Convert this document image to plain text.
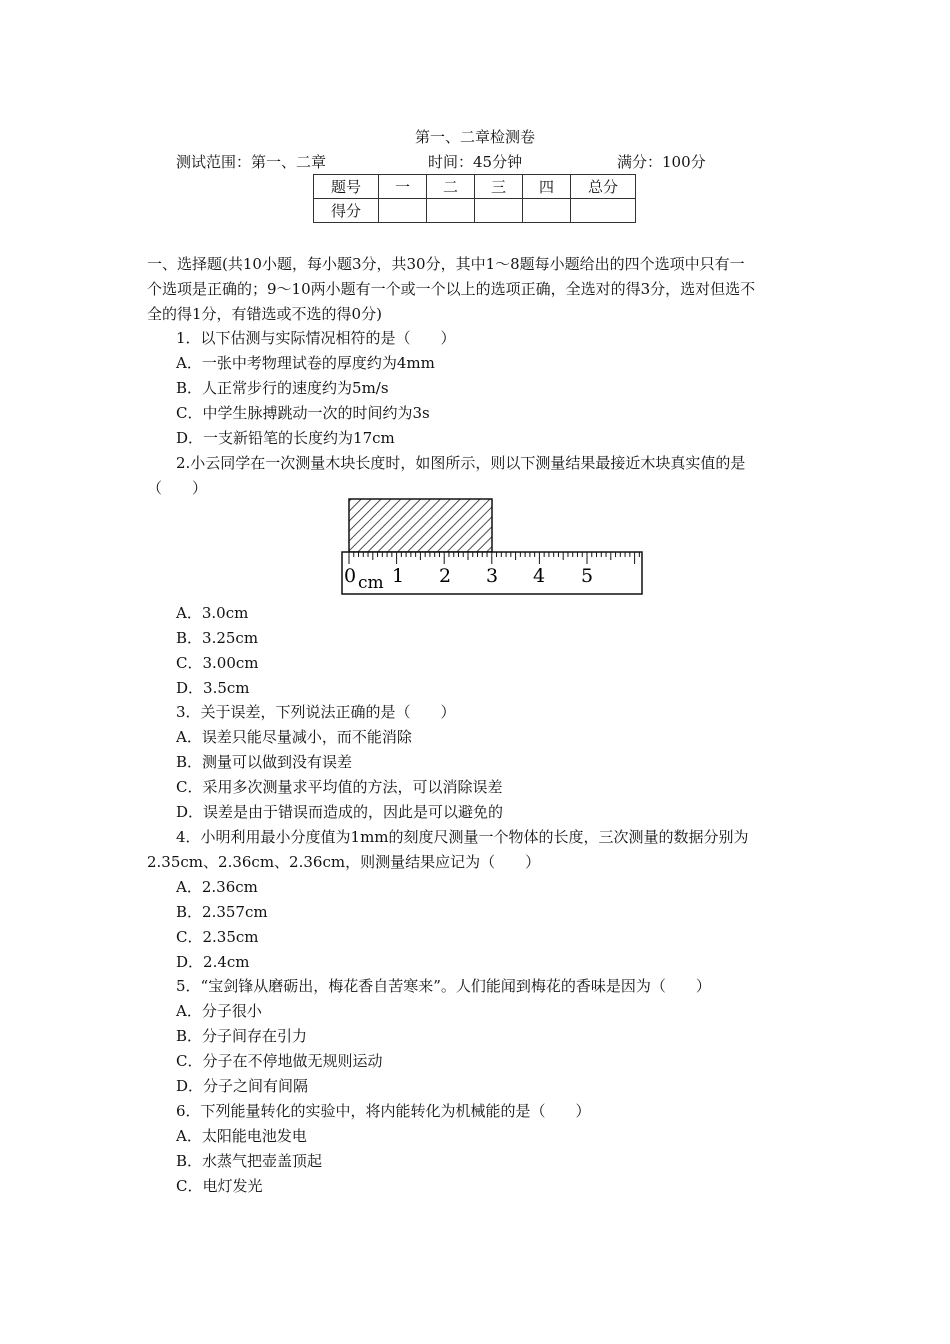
第一、二章检测卷
测试范围：第一、二章	时间：45分钟	满分：100分
题号	一	二	三	四	总分
得分					
一、选择题(共10小题，每小题3分，共30分，其中1～8题每小题给出的四个选项中只有一
个选项是正确的；9～10两小题有一个或一个以上的选项正确，全选对的得3分，选对但选不
全的得1分，有错选或不选的得0分)
1．以下估测与实际情况相符的是（　　）
A．一张中考物理试卷的厚度约为4mm
B．人正常步行的速度约为5m/s
C．中学生脉搏跳动一次的时间约为3s
D．一支新铅笔的长度约为17cm
2.小云同学在一次测量木块长度时，如图所示，则以下测量结果最接近木块真实值的是
（　　）
0 cm 1 2 3 4 5
A．3.0cm
B．3.25cm
C．3.00cm
D．3.5cm
3．关于误差，下列说法正确的是（　　）
A．误差只能尽量减小，而不能消除
B．测量可以做到没有误差
C．采用多次测量求平均值的方法，可以消除误差
D．误差是由于错误而造成的，因此是可以避免的
4．小明利用最小分度值为1mm的刻度尺测量一个物体的长度，三次测量的数据分别为
2.35cm、2.36cm、2.36cm，则测量结果应记为（　　）
A．2.36cm
B．2.357cm
C．2.35cm
D．2.4cm
5．“宝剑锋从磨砺出，梅花香自苦寒来”。人们能闻到梅花的香味是因为（　　）
A．分子很小
B．分子间存在引力
C．分子在不停地做无规则运动
D．分子之间有间隔
6．下列能量转化的实验中，将内能转化为机械能的是（　　）
A．太阳能电池发电
B．水蒸气把壶盖顶起
C．电灯发光
